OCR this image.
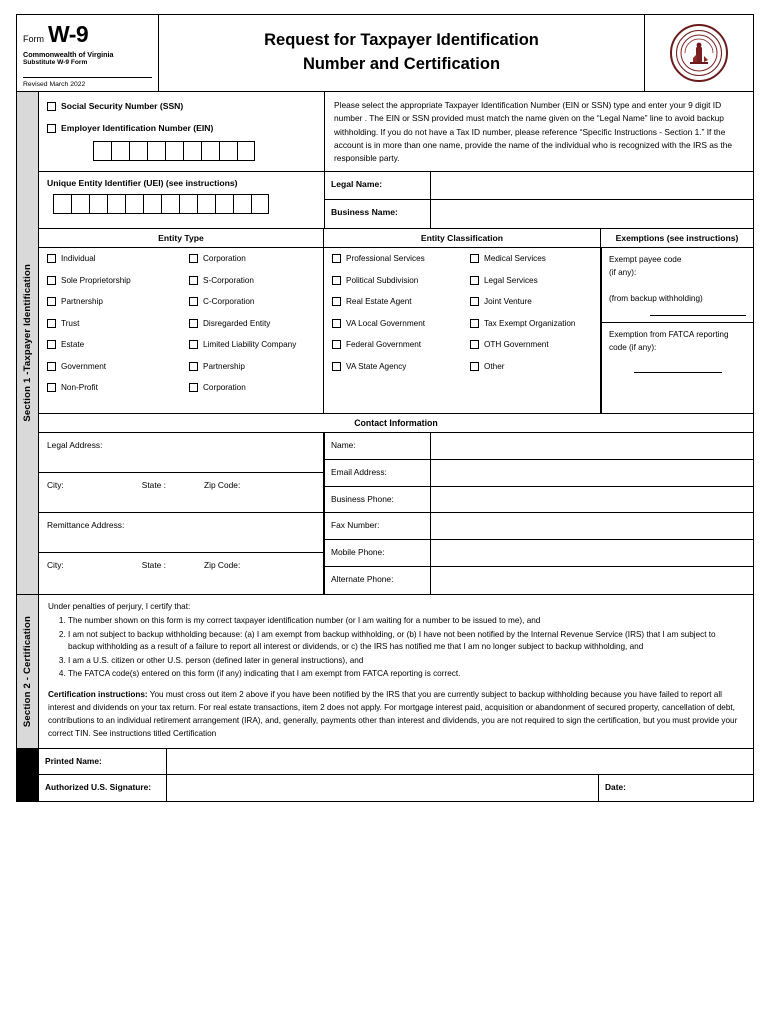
Form W-9
Commonwealth of Virginia
Substitute W-9 Form
Revised March 2022
Request for Taxpayer Identification
Number and Certification
Section 1 -Taxpayer Identification
Social Security Number (SSN)
Employer Identification Number (EIN)
Please select the appropriate Taxpayer Identification Number (EIN or SSN) type and enter your 9 digit ID number . The EIN or SSN provided must match the name given on the “Legal Name” line to avoid backup withholding. If you do not have a Tax ID number, please reference “Specific Instructions - Section 1.” If the account is in more than one name, provide the name of the individual who is recognized with the IRS as the responsible party.
Unique Entity Identifier (UEI) (see instructions)	Legal Name:
Business Name:
Entity Type	Entity Classification	Exemptions (see instructions)
Individual
Sole Proprietorship
Partnership
Trust
Estate
Government
Non-Profit
Corporation
S-Corporation
C-Corporation
Disregarded Entity
Limited Liability Company
Partnership
Corporation
Professional Services
Political Subdivision
Real Estate Agent
VA Local Government
Federal Government
VA State Agency
Medical Services
Legal Services
Joint Venture
Tax Exempt Organization
OTH Government
Other
Exempt payee code
(if any):
(from backup withholding)
Exemption from FATCA reporting
code (if any):
Contact Information
Legal Address:
City:	State :	Zip Code:
Remittance Address:
City:	State :	Zip Code:
Name:
Email Address:
Business Phone:
Fax Number:
Mobile Phone:
Alternate Phone:
Section 2 - Certification
Under penalties of perjury, I certify that:
1. The number shown on this form is my correct taxpayer identification number (or I am waiting for a number to be issued to me), and
2. I am not subject to backup withholding because: (a) I am exempt from backup withholding, or (b) I have not been notified by the Internal Revenue Service (IRS) that I am subject to backup withholding as a result of a failure to report all interest or dividends, or c) the IRS has notified me that I am no longer subject to backup withholding, and
3. I am a U.S. citizen or other U.S. person (defined later in general instructions), and
4. The FATCA code(s) entered on this form (if any) indicating that I am exempt from FATCA reporting is correct.
Certification instructions: You must cross out item 2 above if you have been notified by the IRS that you are currently subject to backup withholding because you have failed to report all interest and dividends on your tax return. For real estate transactions, item 2 does not apply. For mortgage interest paid, acquisition or abandonment of secured property, cancellation of debt, contributions to an individual retirement arrangement (IRA), and, generally, payments other than interest and dividends, you are not required to sign the certification, but you must provide your correct TIN. See instructions titled Certification
Printed Name:
Authorized U.S. Signature:	Date:
